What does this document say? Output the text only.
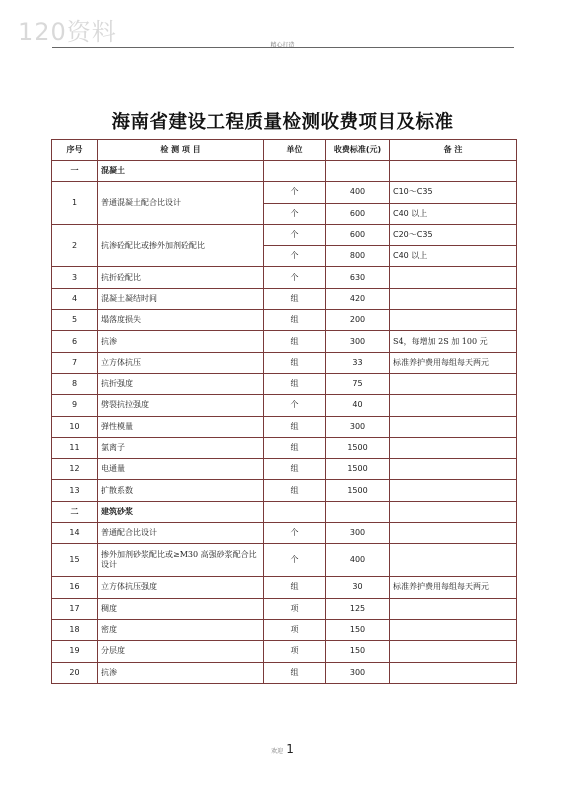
120资料	精心打造
海南省建设工程质量检测收费项目及标准
序号	检 测 项 目	单位	收费标准(元)	备 注
一	混凝土			
1	普通混凝土配合比设计	个	400	C10～C35
		个	600	C40 以上
2	抗渗砼配比或掺外加剂砼配比	个	600	C20～C35
		个	800	C40 以上
3	抗折砼配比	个	630	
4	混凝土凝结时间	组	420	
5	塌落度损失	组	200	
6	抗渗	组	300	S4，每增加 2S 加 100 元
7	立方体抗压	组	33	标准养护费用每组每天两元
8	抗折强度	组	75	
9	劈裂抗拉强度	个	40	
10	弹性模量	组	300	
11	氯离子	组	1500	
12	电通量	组	1500	
13	扩散系数	组	1500	
二	建筑砂浆			
14	普通配合比设计	个	300	
15	掺外加剂砂浆配比或≥M30 高强砂浆配合比设计	个	400	
16	立方体抗压强度	组	30	标准养护费用每组每天两元
17	稠度	项	125	
18	密度	项	150	
19	分层度	项	150	
20	抗渗	组	300	
欢迎 1
